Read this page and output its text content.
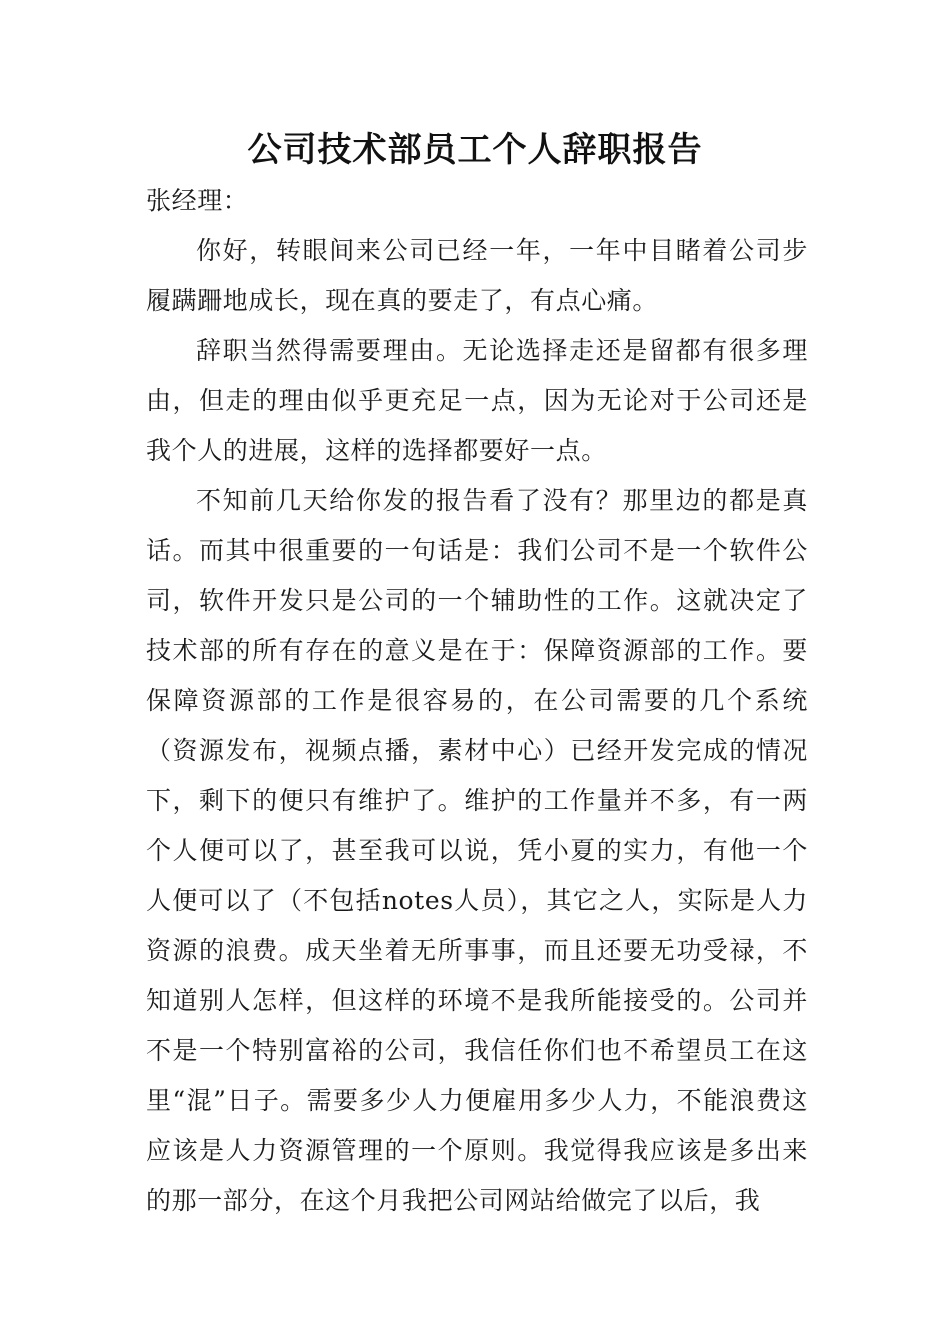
公司技术部员工个人辞职报告

张经理：

你好，转眼间来公司已经一年，一年中目睹着公司步履蹒跚地成长，现在真的要走了，有点心痛。

辞职当然得需要理由。无论选择走还是留都有很多理由，但走的理由似乎更充足一点，因为无论对于公司还是我个人的进展，这样的选择都要好一点。

不知前几天给你发的报告看了没有？那里边的都是真话。而其中很重要的一句话是：我们公司不是一个软件公司，软件开发只是公司的一个辅助性的工作。这就决定了技术部的所有存在的意义是在于：保障资源部的工作。要保障资源部的工作是很容易的，在公司需要的几个系统（资源发布，视频点播，素材中心）已经开发完成的情况下，剩下的便只有维护了。维护的工作量并不多，有一两个人便可以了，甚至我可以说，凭小夏的实力，有他一个人便可以了（不包括notes人员），其它之人，实际是人力资源的浪费。成天坐着无所事事，而且还要无功受禄，不知道别人怎样，但这样的环境不是我所能接受的。公司并不是一个特别富裕的公司，我信任你们也不希望员工在这里“混”日子。需要多少人力便雇用多少人力，不能浪费这应该是人力资源管理的一个原则。我觉得我应该是多出来的那一部分，在这个月我把公司网站给做完了以后，我
